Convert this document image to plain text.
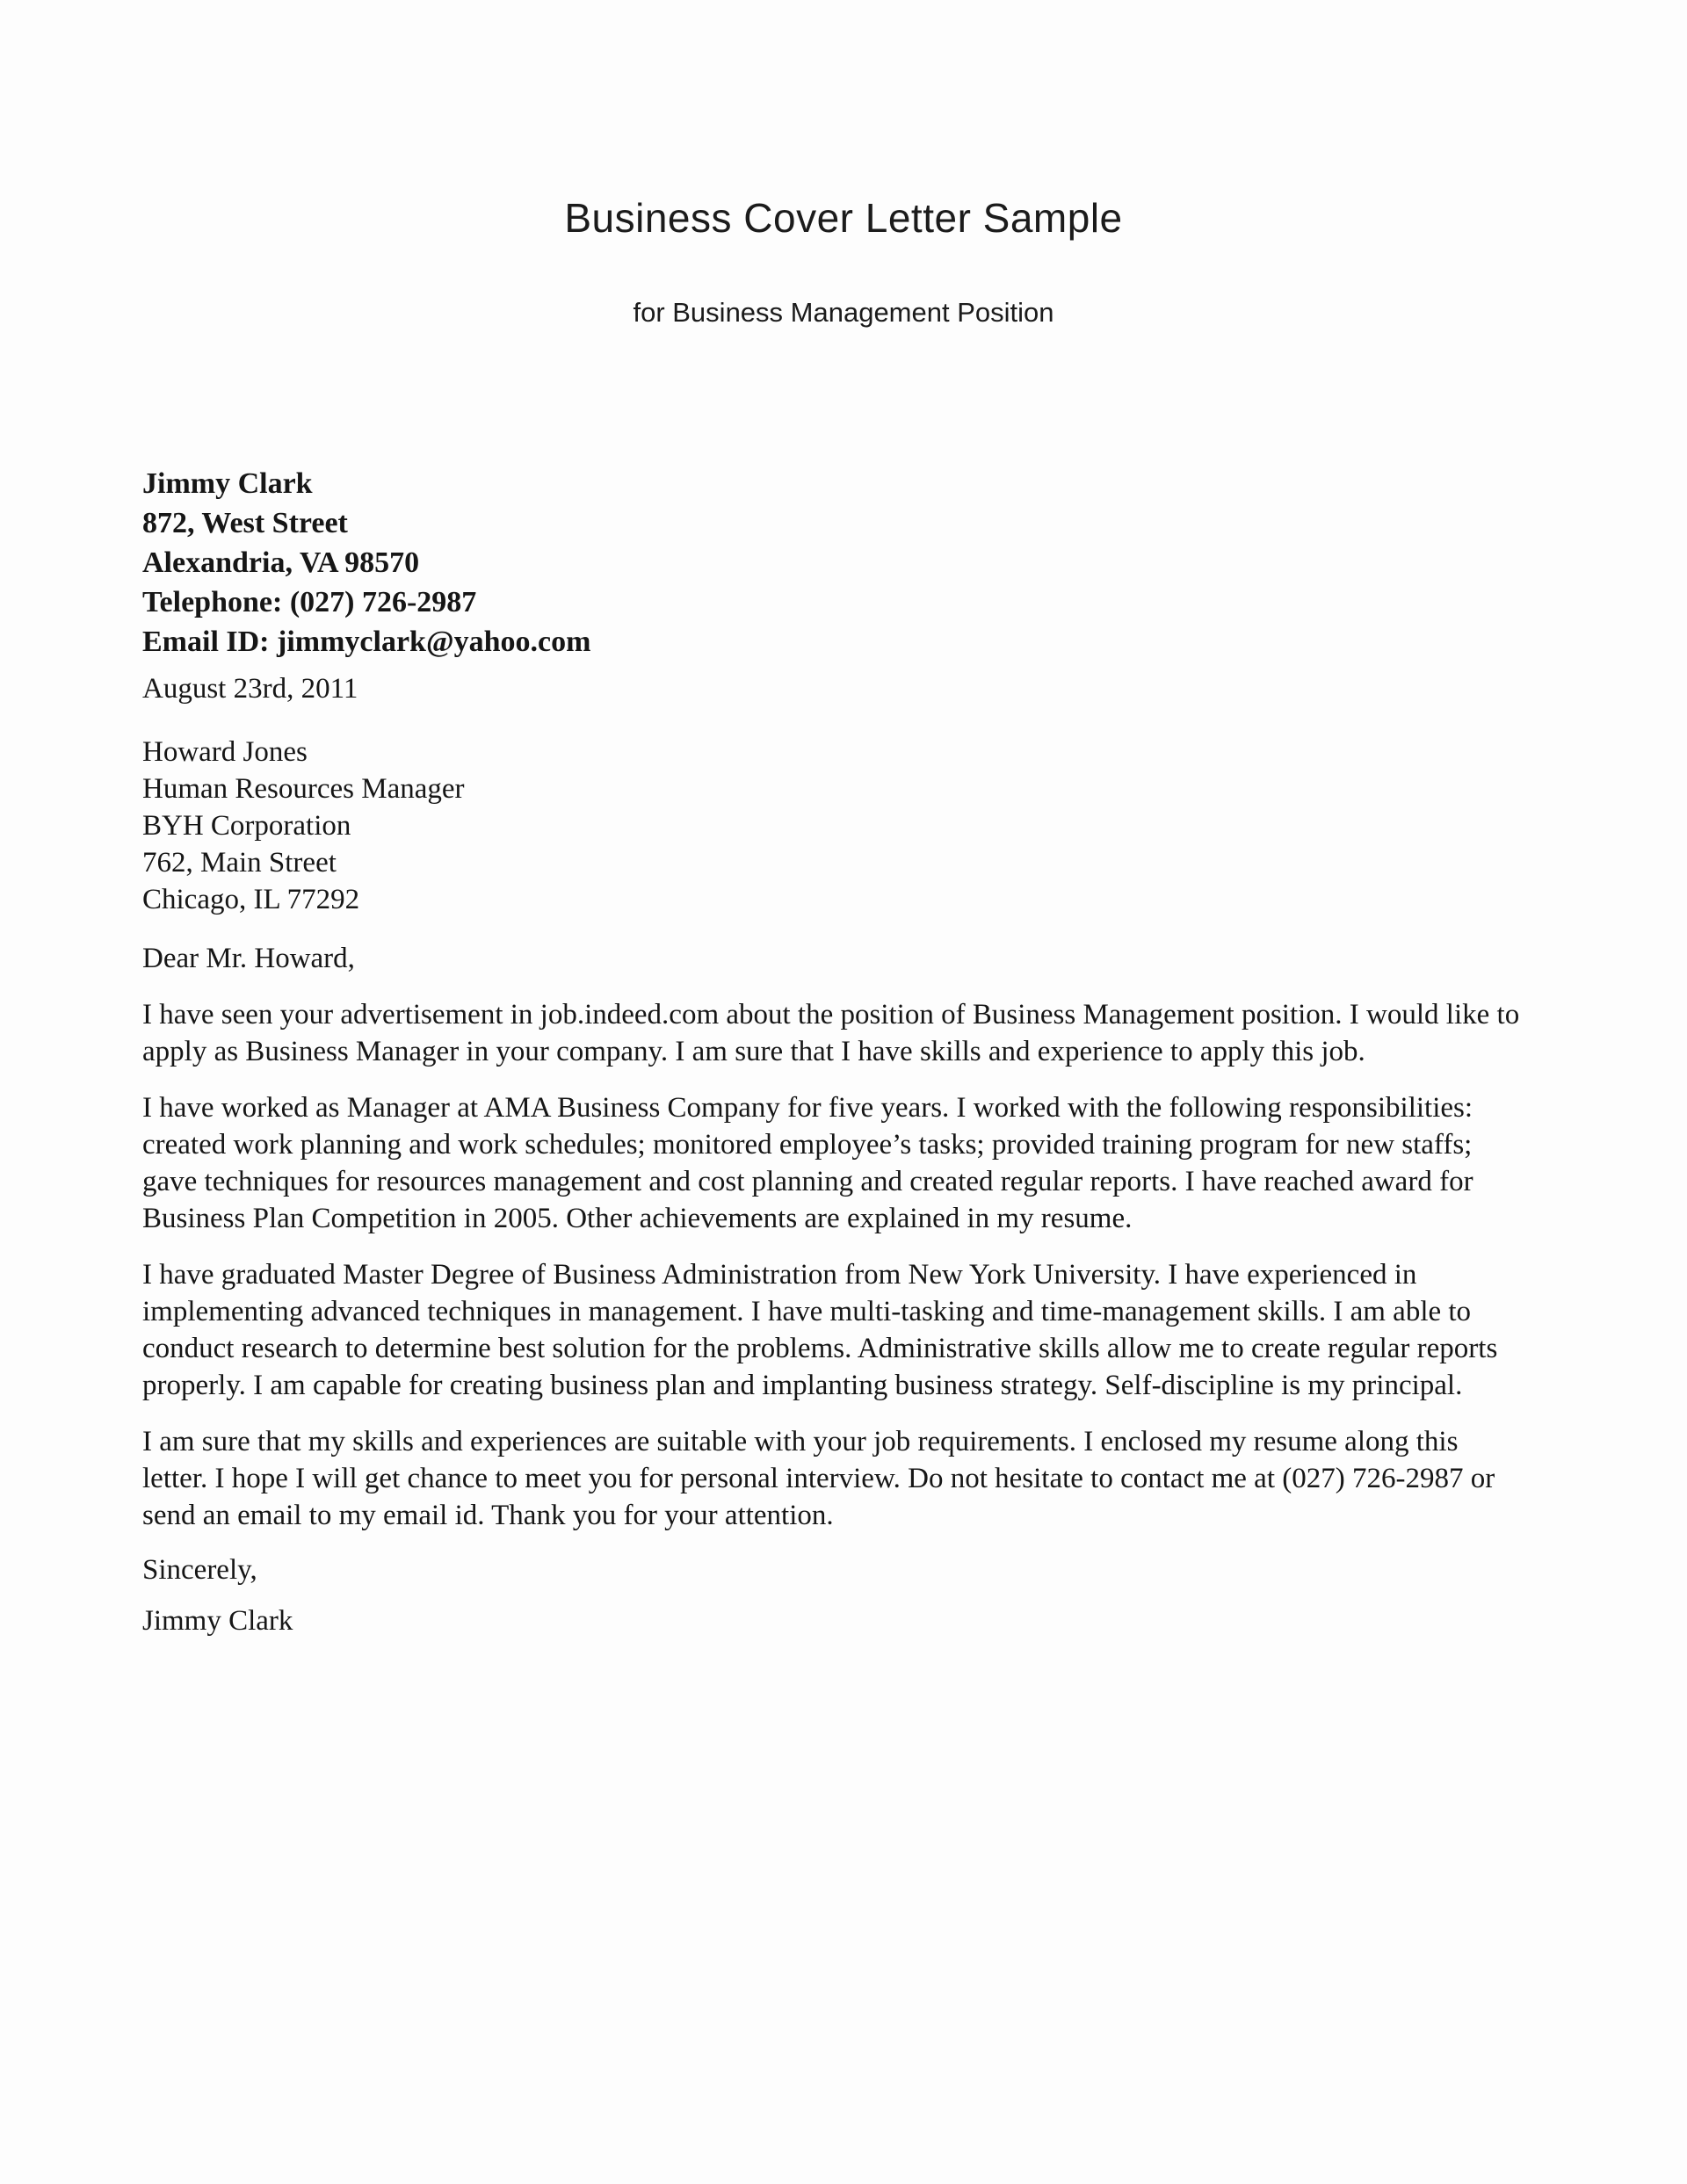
Business Cover Letter Sample
for Business Management Position

Jimmy Clark

872, West Street

Alexandria, VA 98570

Telephone: (027) 726-2987

Email ID: jimmyclark@yahoo.com

August 23rd, 2011

Howard Jones

Human Resources Manager

BYH Corporation

762, Main Street

Chicago, IL 77292

Dear Mr. Howard,

I have seen your advertisement in job.indeed.com about the position of Business Management position. I would like to apply as Business Manager in your company. I am sure that I have skills and experience to apply this job.

I have worked as Manager at AMA Business Company for five years. I worked with the following responsibilities: created work planning and work schedules; monitored employee’s tasks; provided training program for new staffs; gave techniques for resources management and cost planning and created regular reports. I have reached award for Business Plan Competition in 2005. Other achievements are explained in my resume.

I have graduated Master Degree of Business Administration from New York University. I have experienced in implementing advanced techniques in management. I have multi-tasking and time-management skills. I am able to conduct research to determine best solution for the problems. Administrative skills allow me to create regular reports properly. I am capable for creating business plan and implanting business strategy. Self-discipline is my principal.

I am sure that my skills and experiences are suitable with your job requirements. I enclosed my resume along this letter. I hope I will get chance to meet you for personal interview. Do not hesitate to contact me at (027) 726-2987 or send an email to my email id. Thank you for your attention.

Sincerely,

Jimmy Clark
